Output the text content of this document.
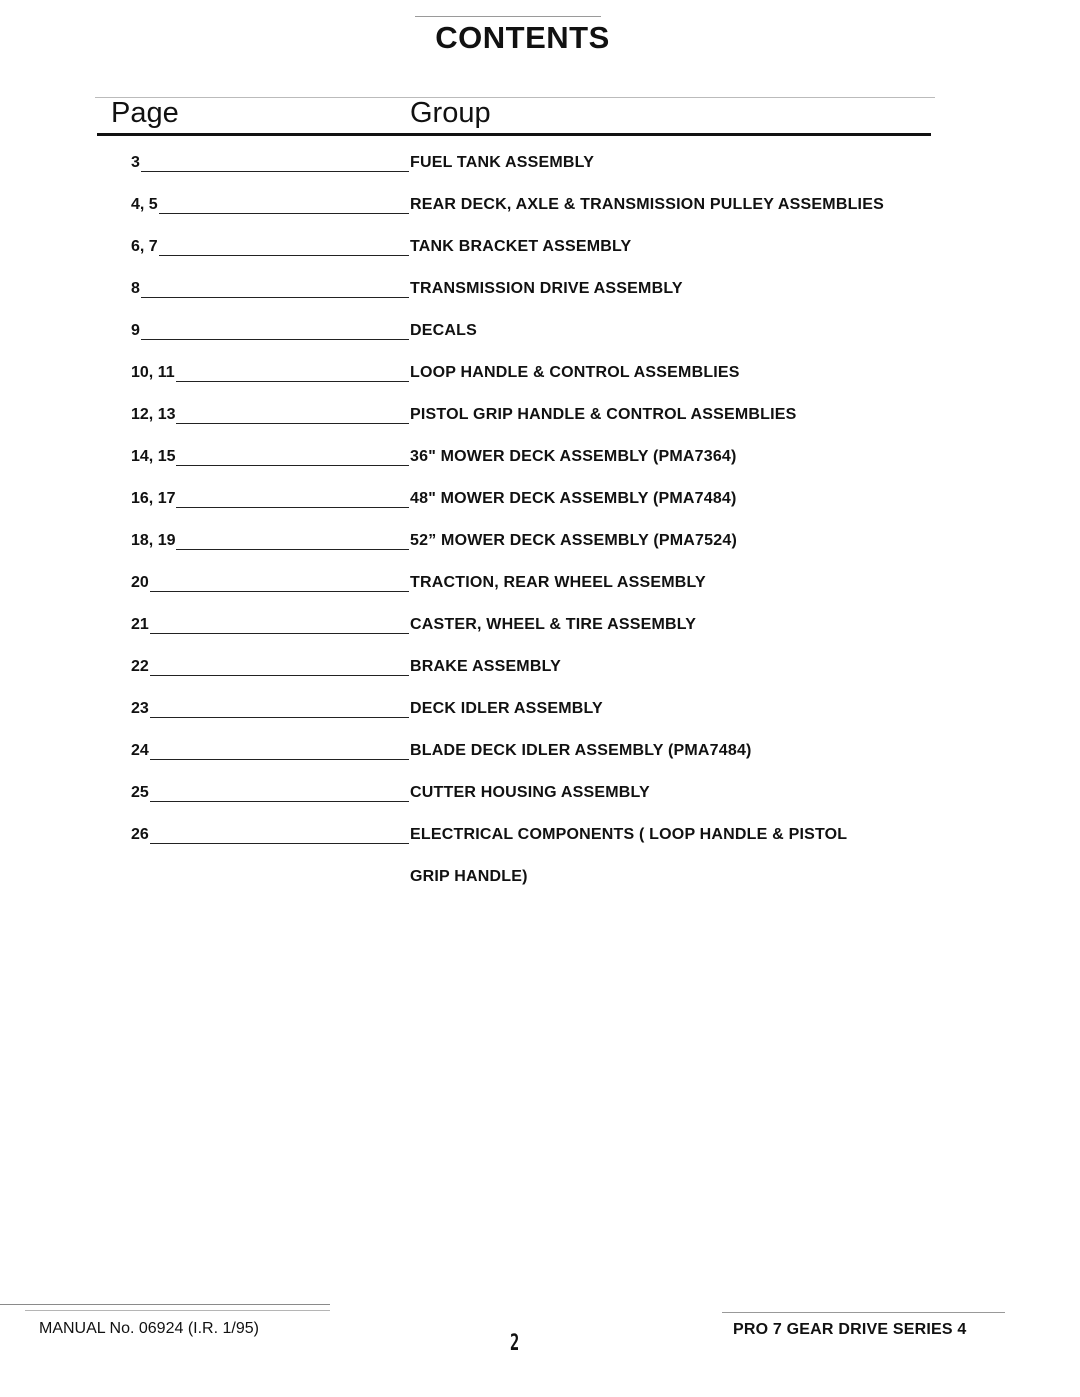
CONTENTS
Page	Group
3	FUEL TANK ASSEMBLY
4, 5	REAR DECK, AXLE & TRANSMISSION PULLEY ASSEMBLIES
6, 7	TANK BRACKET ASSEMBLY
8	TRANSMISSION DRIVE ASSEMBLY
9	DECALS
10, 11	LOOP HANDLE & CONTROL ASSEMBLIES
12, 13	PISTOL GRIP HANDLE & CONTROL ASSEMBLIES
14, 15	36" MOWER DECK ASSEMBLY (PMA7364)
16, 17	48" MOWER DECK ASSEMBLY (PMA7484)
18, 19	52” MOWER DECK ASSEMBLY (PMA7524)
20	TRACTION, REAR WHEEL ASSEMBLY
21	CASTER, WHEEL & TIRE ASSEMBLY
22	BRAKE ASSEMBLY
23	DECK IDLER ASSEMBLY
24	BLADE DECK IDLER ASSEMBLY (PMA7484)
25	CUTTER HOUSING ASSEMBLY
26	ELECTRICAL COMPONENTS ( LOOP HANDLE & PISTOL
GRIP HANDLE)
MANUAL No. 06924 (I.R. 1/95)
2
PRO 7 GEAR DRIVE SERIES 4
